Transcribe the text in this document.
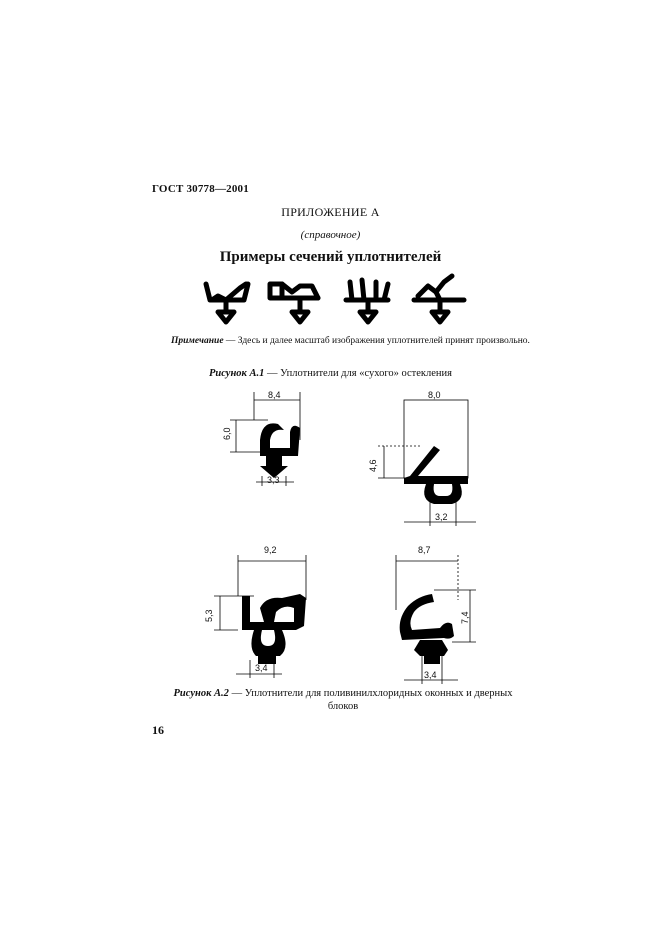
ГОСТ 30778—2001
ПРИЛОЖЕНИЕ А
(справочное)
Примеры сечений уплотнителей
8,4
6,0
3,3
8,0
4,6
3,2
9,2
5,3
3,4
8,7
7,4
3,4
Примечание — Здесь и далее масштаб изображения уплотнителей принят произвольно.
Рисунок А.1 — Уплотнители для «сухого» остекления
Рисунок А.2 — Уплотнители для поливинилхлоридных оконных и дверных блоков
16
